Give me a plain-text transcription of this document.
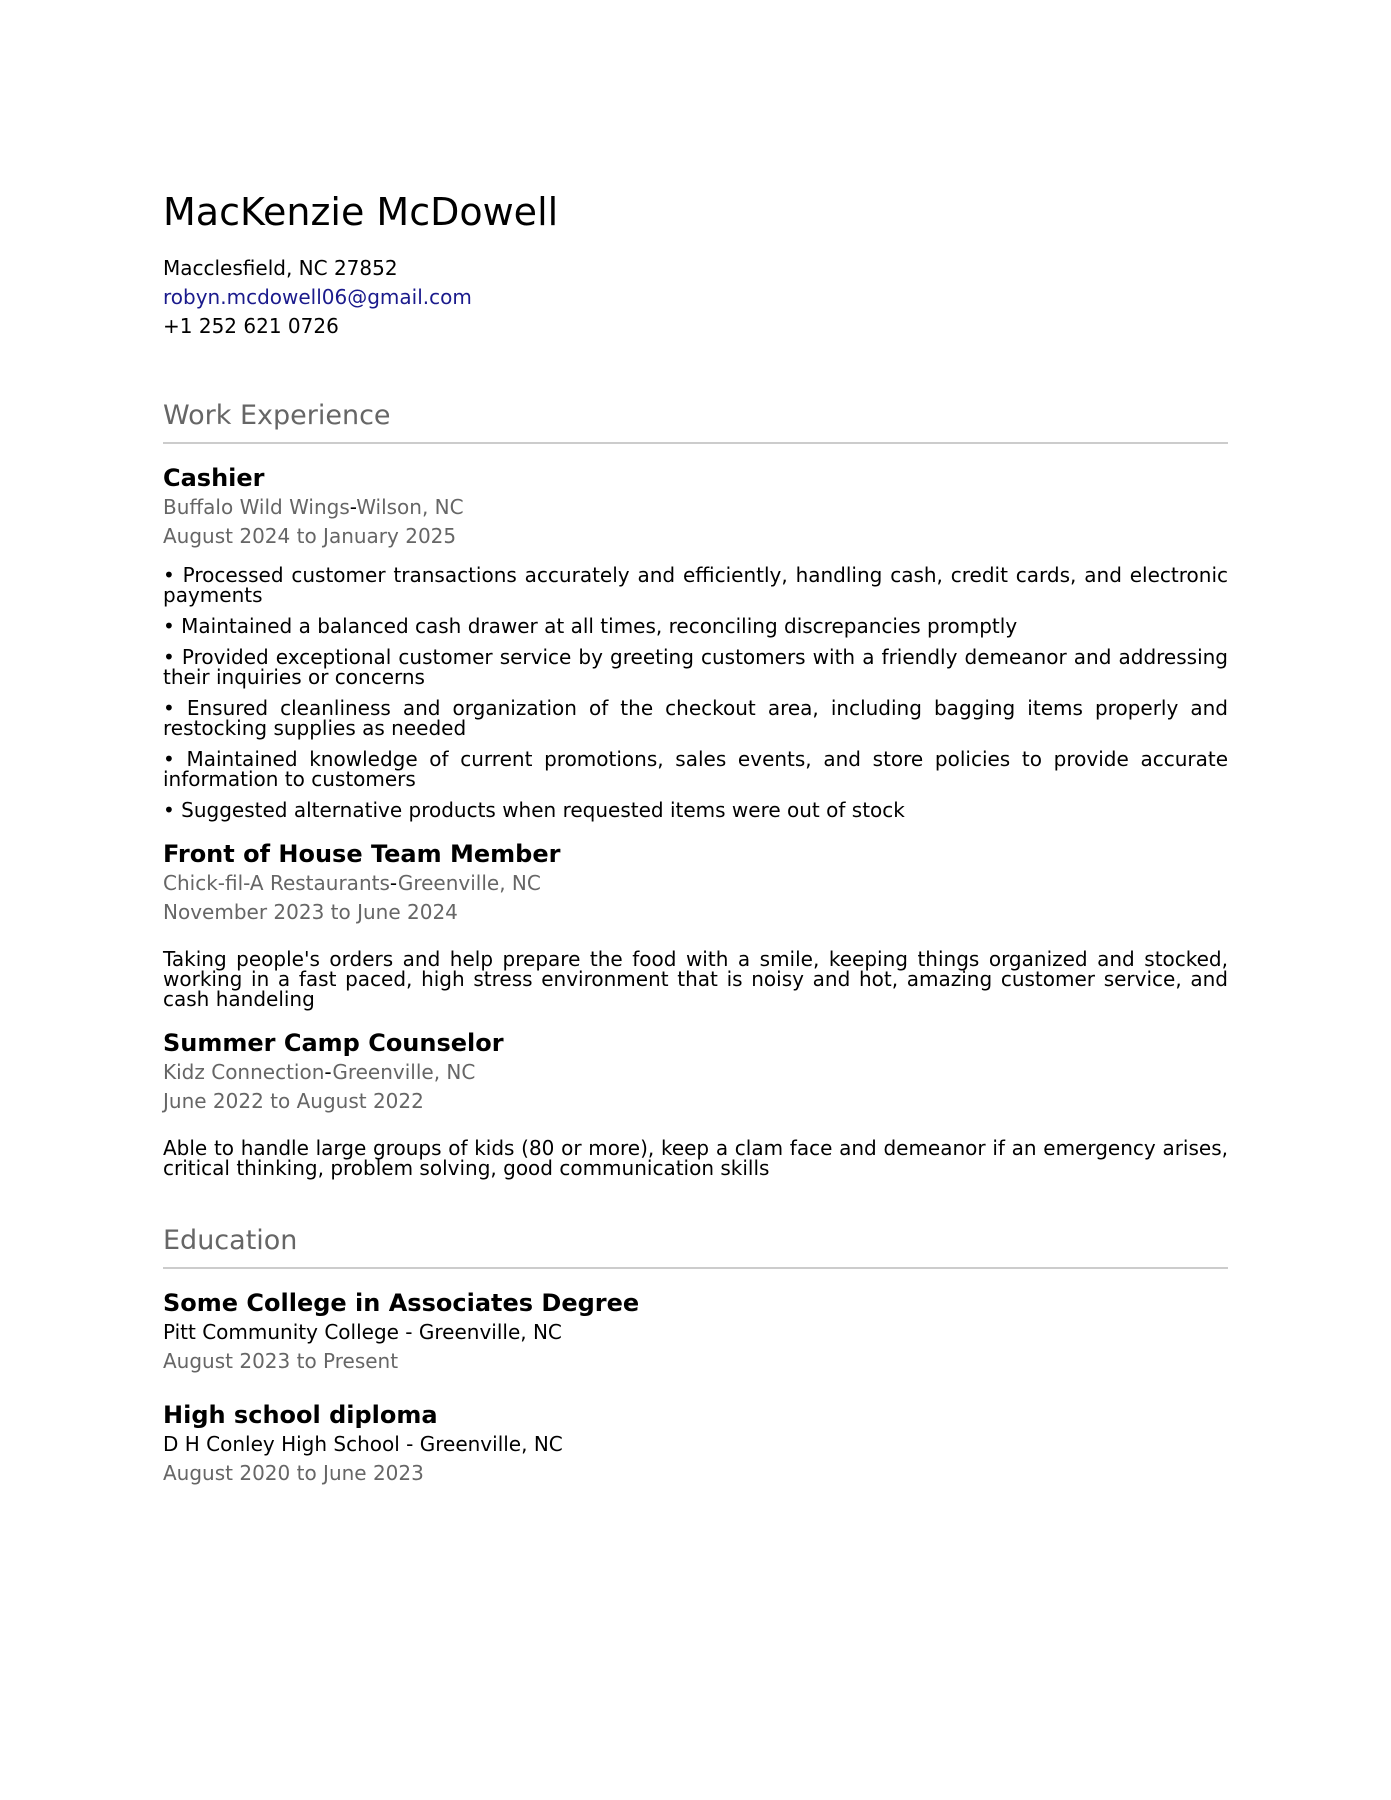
MacKenzie McDowell
Macclesfield, NC 27852
robyn.mcdowell06@gmail.com
+1 252 621 0726
Work Experience
Cashier
Buffalo Wild Wings-Wilson, NC
August 2024 to January 2025
• Processed customer transactions accurately and efficiently, handling cash, credit cards, and electronic payments
• Maintained a balanced cash drawer at all times, reconciling discrepancies promptly
• Provided exceptional customer service by greeting customers with a friendly demeanor and addressing their inquiries or concerns
• Ensured cleanliness and organization of the checkout area, including bagging items properly and restocking supplies as needed
• Maintained knowledge of current promotions, sales events, and store policies to provide accurate information to customers
• Suggested alternative products when requested items were out of stock
Front of House Team Member
Chick-fil-A Restaurants-Greenville, NC
November 2023 to June 2024
Taking people's orders and help prepare the food with a smile, keeping things organized and stocked, working in a fast paced, high stress environment that is noisy and hot, amazing customer service, and cash handeling
Summer Camp Counselor
Kidz Connection-Greenville, NC
June 2022 to August 2022
Able to handle large groups of kids (80 or more), keep a clam face and demeanor if an emergency arises, critical thinking, problem solving, good communication skills
Education
Some College in Associates Degree
Pitt Community College - Greenville, NC
August 2023 to Present
High school diploma
D H Conley High School - Greenville, NC
August 2020 to June 2023
